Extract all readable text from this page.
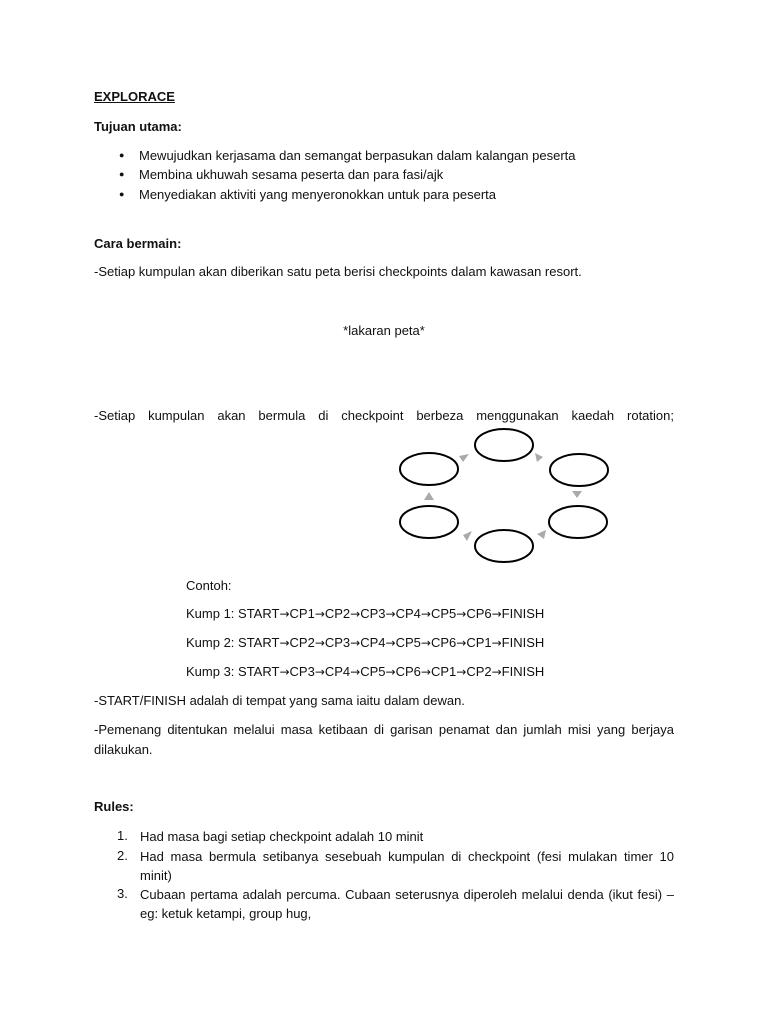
EXPLORACE
Tujuan utama:
● Mewujudkan kerjasama dan semangat berpasukan dalam kalangan peserta
● Membina ukhuwah sesama peserta dan para fasi/ajk
● Menyediakan aktiviti yang menyeronokkan untuk para peserta
Cara bermain:
-Setiap kumpulan akan diberikan satu peta berisi checkpoints dalam kawasan resort.
*lakaran peta*
-Setiap kumpulan akan bermula di checkpoint berbeza menggunakan kaedah rotation;
Contoh:
Kump 1: START→CP1→CP2→CP3→CP4→CP5→CP6→FINISH
Kump 2: START→CP2→CP3→CP4→CP5→CP6→CP1→FINISH
Kump 3: START→CP3→CP4→CP5→CP6→CP1→CP2→FINISH
-START/FINISH adalah di tempat yang sama iaitu dalam dewan.
-Pemenang ditentukan melalui masa ketibaan di garisan penamat dan jumlah misi yang berjaya dilakukan.
Rules:
1. Had masa bagi setiap checkpoint adalah 10 minit
2. Had masa bermula setibanya sesebuah kumpulan di checkpoint (fesi mulakan timer 10 minit)
3. Cubaan pertama adalah percuma. Cubaan seterusnya diperoleh melalui denda (ikut fesi) –eg: ketuk ketampi, group hug,
